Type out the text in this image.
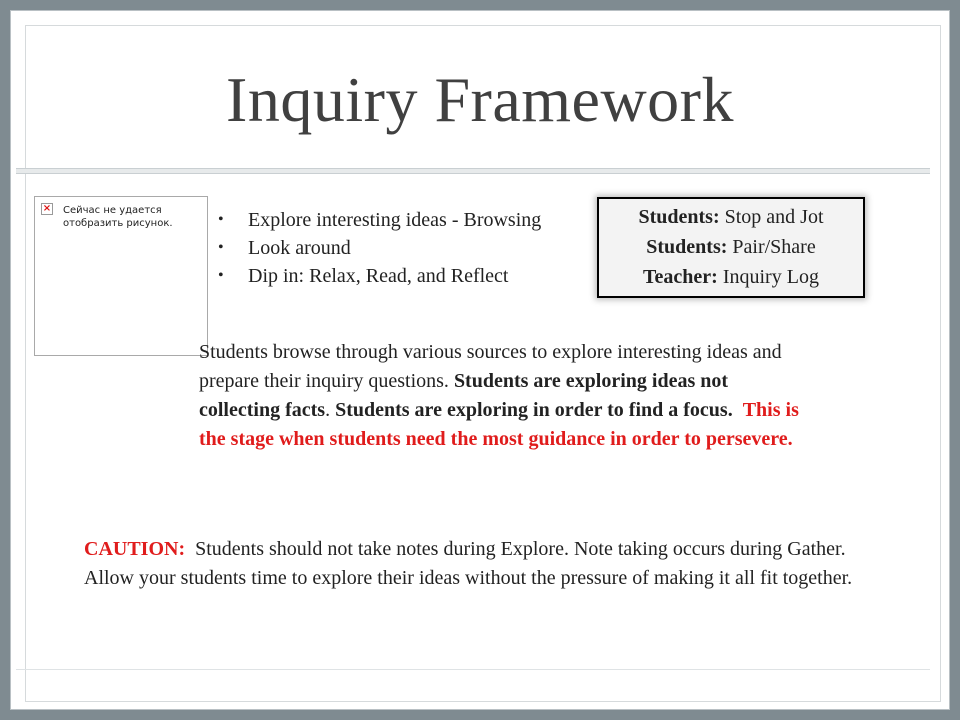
Inquiry Framework
× Сейчас не удается отобразить рисунок.	• Explore interesting ideas - Browsing
• Look around
• Dip in: Relax, Read, and Reflect
Students: Stop and Jot
Students: Pair/Share
Teacher: Inquiry Log
Students browse through various sources to explore interesting ideas and prepare their inquiry questions. Students are exploring ideas not collecting facts. Students are exploring in order to find a focus. This is the stage when students need the most guidance in order to persevere.
CAUTION: Students should not take notes during Explore. Note taking occurs during Gather. Allow your students time to explore their ideas without the pressure of making it all fit together.
